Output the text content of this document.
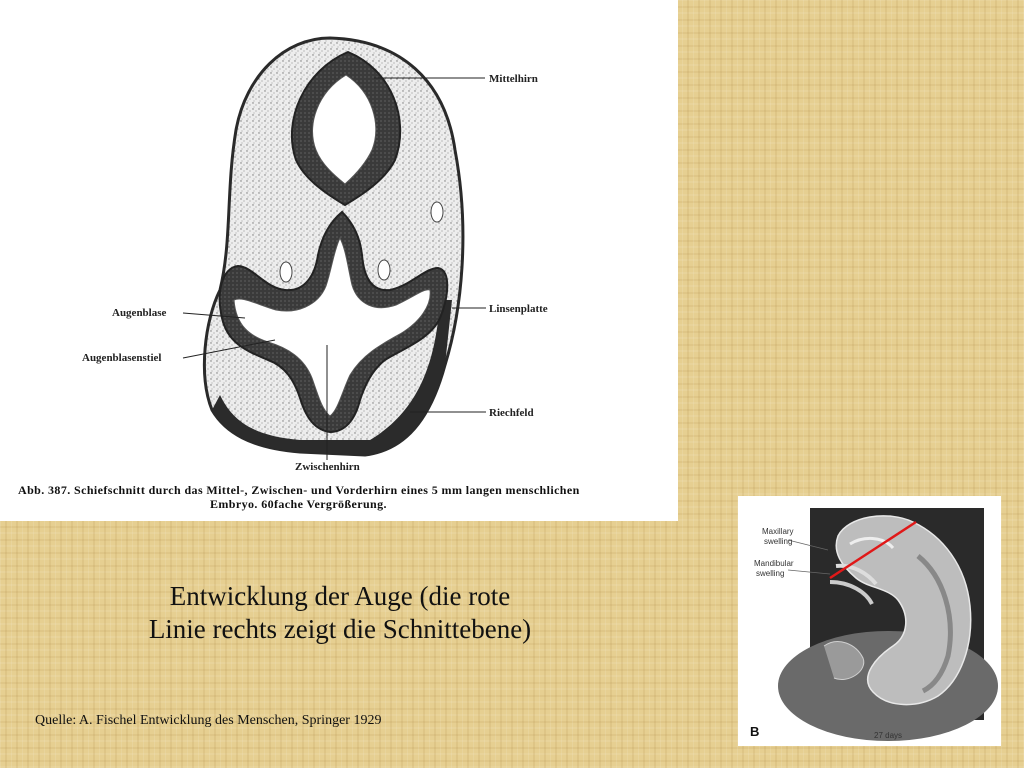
Mittelhirn
Augenblase
Augenblasenstiel
Linsenplatte
Riechfeld
Zwischenhirn
Abb. 387. Schiefschnitt durch das Mittel-, Zwischen- und Vorderhirn eines 5 mm langen menschlichen
Embryo. 60fache Vergrößerung.
Entwicklung der Auge (die rote
Linie rechts zeigt die Schnittebene)
Quelle: A. Fischel Entwicklung des Menschen, Springer 1929
Maxillary
swelling
Mandibular
swelling
B	27 days
